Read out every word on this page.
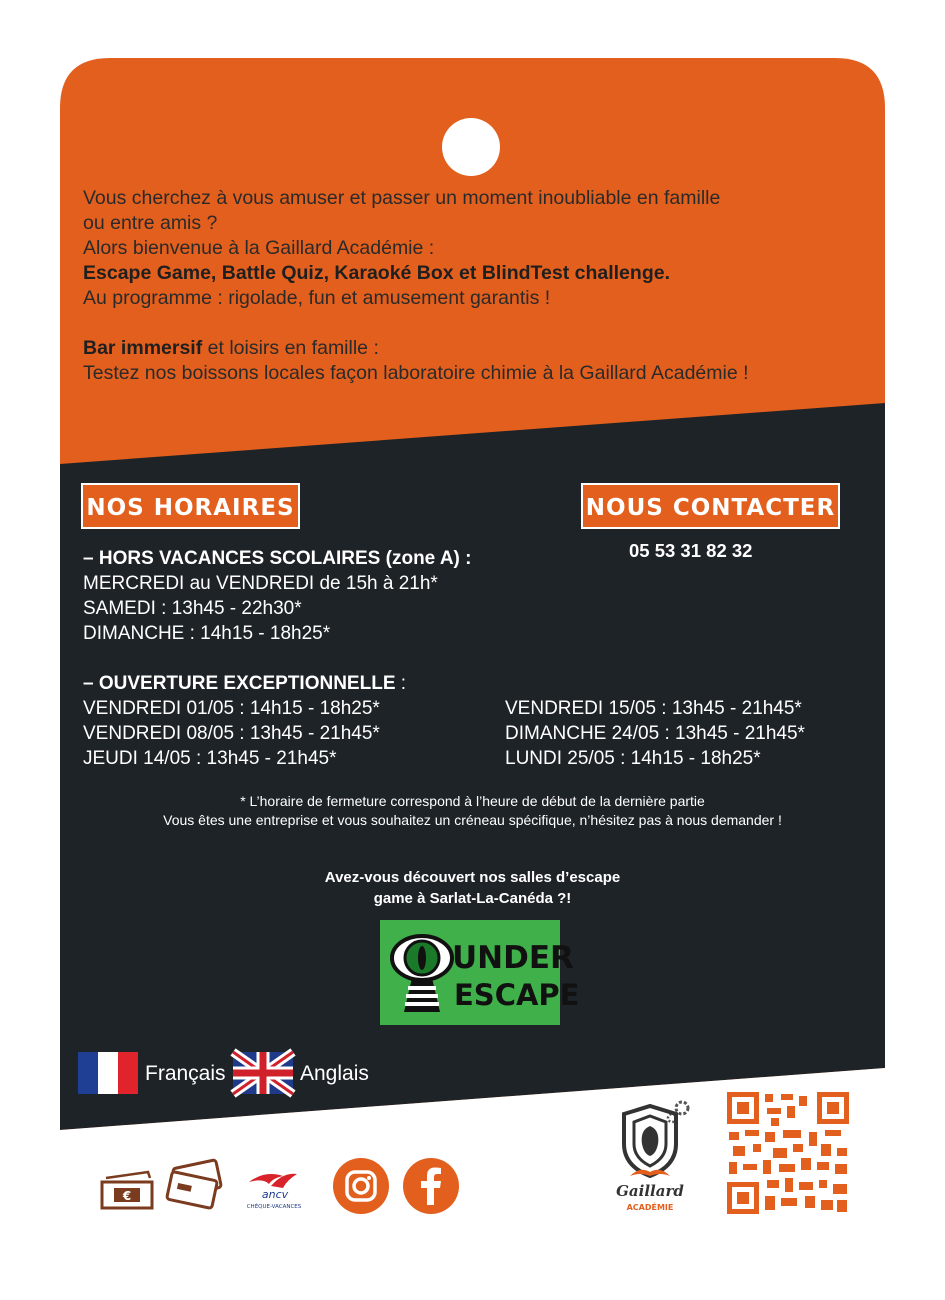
Vous cherchez à vous amuser et passer un moment inoubliable en famille

ou entre amis ?

Alors bienvenue à la Gaillard Académie :

Escape Game, Battle Quiz, Karaoké Box et BlindTest challenge.

Au programme : rigolade, fun et amusement garantis !

Bar immersif et loisirs en famille :

Testez nos boissons locales façon laboratoire chimie à la Gaillard Académie !

NOS HORAIRES	NOUS CONTACTER
05 53 31 82 32
– HORS VACANCES SCOLAIRES (zone A) :
MERCREDI au VENDREDI de 15h à 21h*
SAMEDI : 13h45 - 22h30*
DIMANCHE : 14h15 - 18h25*
– OUVERTURE EXCEPTIONNELLE :
VENDREDI 01/05 : 14h15 - 18h25*
VENDREDI 08/05 : 13h45 - 21h45*
JEUDI 14/05 : 13h45 - 21h45*
VENDREDI 15/05 : 13h45 - 21h45*
DIMANCHE 24/05 : 13h45 - 21h45*
LUNDI 25/05 : 14h15 - 18h25*
* L’horaire de fermeture correspond à l’heure de début de la dernière partie
Vous êtes une entreprise et vous souhaitez un créneau spécifique, n’hésitez pas à nous demander !
Avez-vous découvert nos salles d’escape
game à Sarlat-La-Canéda ?!
UNDER
ESCAPE
Français	Anglais
€	ancv
CHÈQUE-VACANCES
Gaillard
ACADÉMIE
